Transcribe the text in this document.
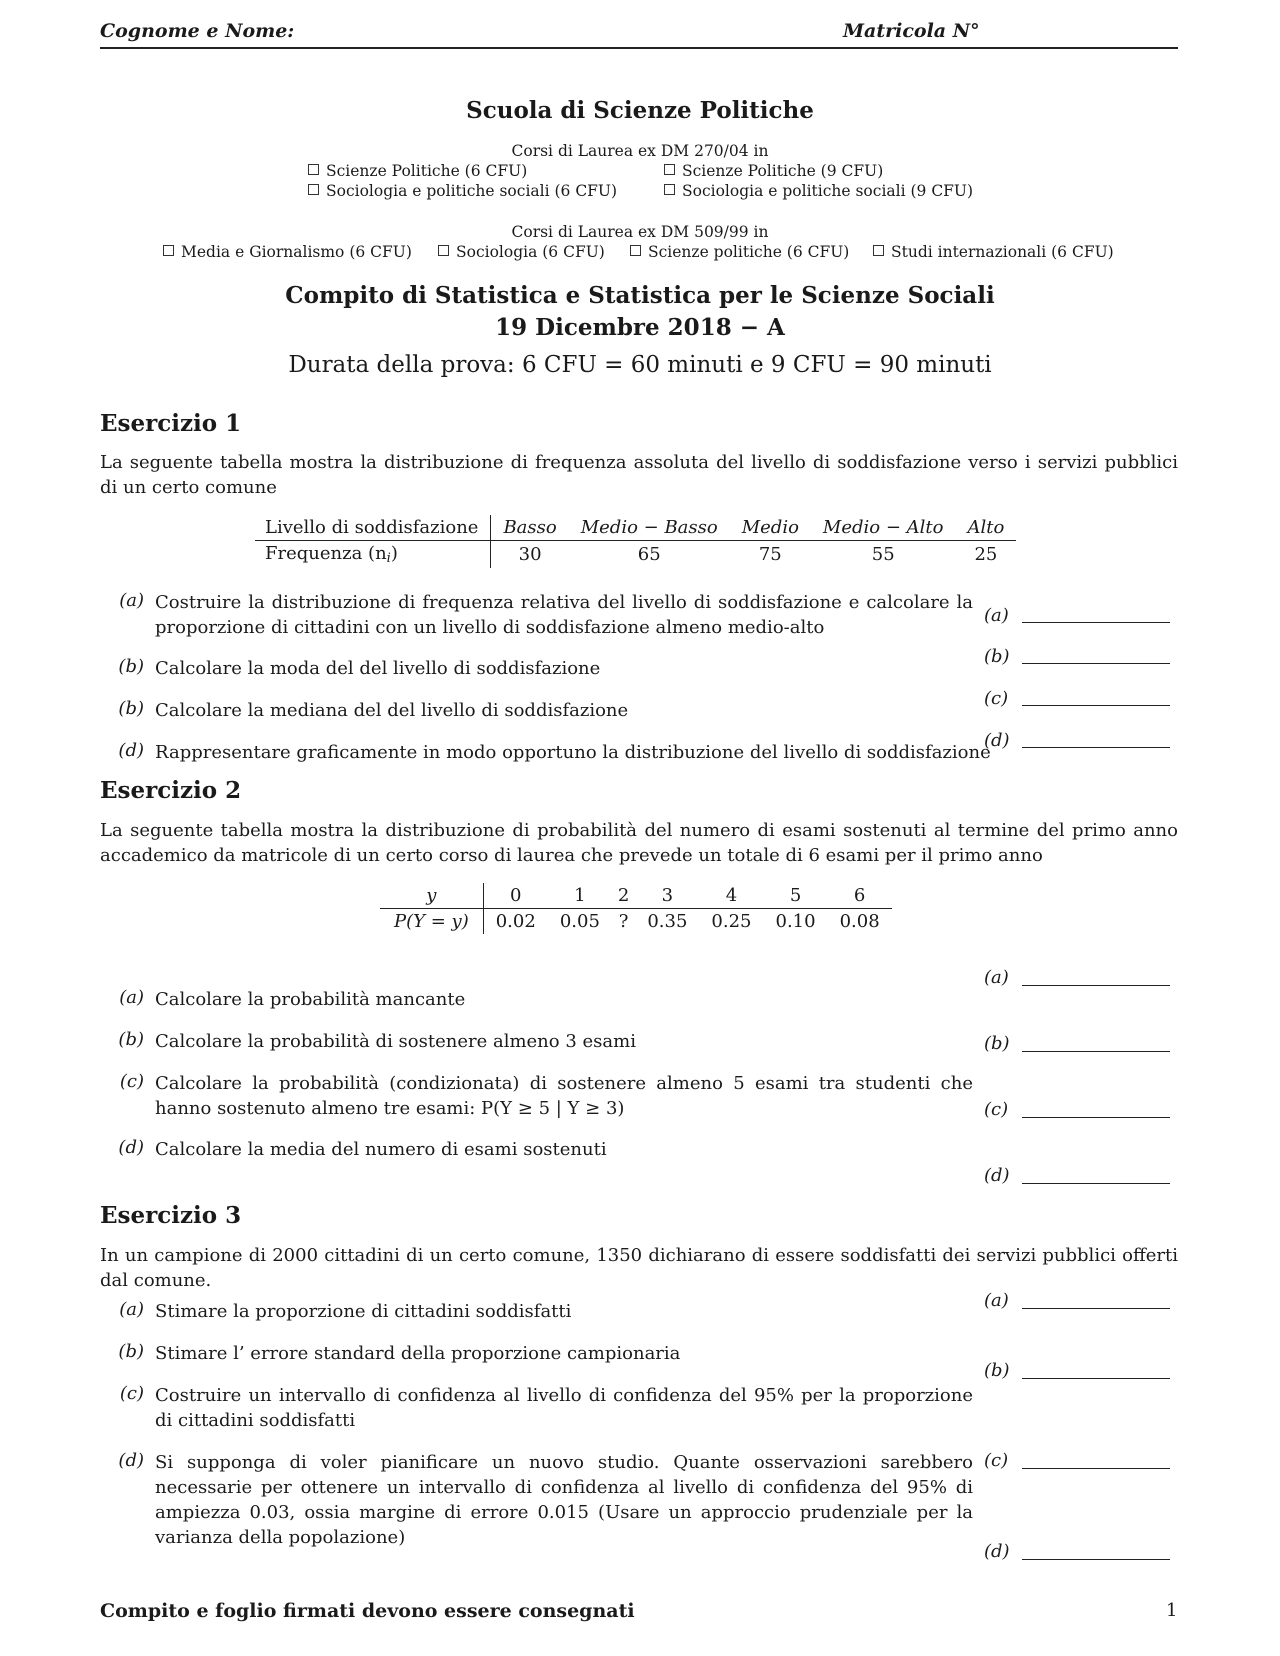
Cognome e Nome:	Matricola N°
Scuola di Scienze Politiche
Corsi di Laurea ex DM 270/04 in
Scienze Politiche (6 CFU)	Scienze Politiche (9 CFU)
Sociologia e politiche sociali (6 CFU)	Sociologia e politiche sociali (9 CFU)
Corsi di Laurea ex DM 509/99 in
Media e Giornalismo (6 CFU)	Sociologia (6 CFU)	Scienze politiche (6 CFU)	Studi internazionali (6 CFU)
Compito di Statistica e Statistica per le Scienze Sociali
19 Dicembre 2018 − A
Durata della prova: 6 CFU = 60 minuti e 9 CFU = 90 minuti
Esercizio 1
La seguente tabella mostra la distribuzione di frequenza assoluta del livello di soddisfazione verso i servizi pubblici di un certo comune
Livello di soddisfazione	Basso	Medio − Basso	Medio	Medio − Alto	Alto
Frequenza (ni)	30	65	75	55	25
(a) Costruire la distribuzione di frequenza relativa del livello di soddisfazione e calcolare la proporzione di cittadini con un livello di soddisfazione almeno medio-alto
(b) Calcolare la moda del del livello di soddisfazione
(b) Calcolare la mediana del del livello di soddisfazione
(d) Rappresentare graficamente in modo opportuno la distribuzione del livello di soddisfazione
(a)
(b)
(c)
(d)
Esercizio 2
La seguente tabella mostra la distribuzione di probabilità del numero di esami sostenuti al termine del primo anno accademico da matricole di un certo corso di laurea che prevede un totale di 6 esami per il primo anno
y	0	1	2	3	4	5	6
P(Y = y)	0.02	0.05	?	0.35	0.25	0.10	0.08
(a) Calcolare la probabilità mancante
(b) Calcolare la probabilità di sostenere almeno 3 esami
(c) Calcolare la probabilità (condizionata) di sostenere almeno 5 esami tra studenti che hanno sostenuto almeno tre esami: P(Y ≥ 5 | Y ≥ 3)
(d) Calcolare la media del numero di esami sostenuti
(a)
(b)
(c)
(d)
Esercizio 3
In un campione di 2000 cittadini di un certo comune, 1350 dichiarano di essere soddisfatti dei servizi pubblici offerti dal comune.
(a) Stimare la proporzione di cittadini soddisfatti
(b) Stimare l’ errore standard della proporzione campionaria
(c) Costruire un intervallo di confidenza al livello di confidenza del 95% per la proporzione di cittadini soddisfatti
(d) Si supponga di voler pianificare un nuovo studio. Quante osservazioni sarebbero necessarie per ottenere un intervallo di confidenza al livello di confidenza del 95% di ampiezza 0.03, ossia margine di errore 0.015 (Usare un approccio prudenziale per la varianza della popolazione)
(a)
(b)
(c)
(d)
Compito e foglio firmati devono essere consegnati	1
